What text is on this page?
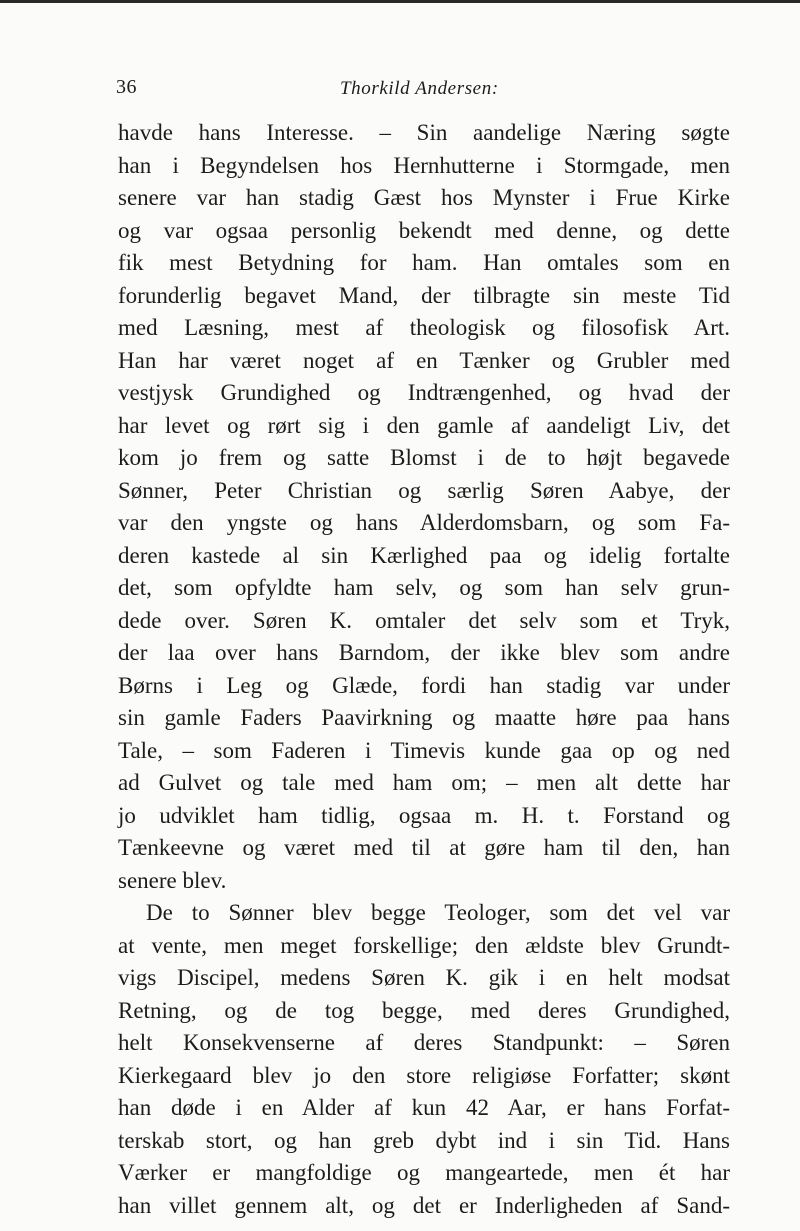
36	Thorkild Andersen:
havde hans Interesse. – Sin aandelige Næring søgte
han i Begyndelsen hos Hernhutterne i Stormgade, men
senere var han stadig Gæst hos Mynster i Frue Kirke
og var ogsaa personlig bekendt med denne, og dette
fik mest Betydning for ham. Han omtales som en
forunderlig begavet Mand, der tilbragte sin meste Tid
med Læsning, mest af theologisk og filosofisk Art.
Han har været noget af en Tænker og Grubler med
vestjysk Grundighed og Indtrængenhed, og hvad der
har levet og rørt sig i den gamle af aandeligt Liv, det
kom jo frem og satte Blomst i de to højt begavede
Sønner, Peter Christian og særlig Søren Aabye, der
var den yngste og hans Alderdomsbarn, og som Fa-
deren kastede al sin Kærlighed paa og idelig fortalte
det, som opfyldte ham selv, og som han selv grun-
dede over. Søren K. omtaler det selv som et Tryk,
der laa over hans Barndom, der ikke blev som andre
Børns i Leg og Glæde, fordi han stadig var under
sin gamle Faders Paavirkning og maatte høre paa hans
Tale, – som Faderen i Timevis kunde gaa op og ned
ad Gulvet og tale med ham om; – men alt dette har
jo udviklet ham tidlig, ogsaa m. H. t. Forstand og
Tænkeevne og været med til at gøre ham til den, han
senere blev.
De to Sønner blev begge Teologer, som det vel var
at vente, men meget forskellige; den ældste blev Grundt-
vigs Discipel, medens Søren K. gik i en helt modsat
Retning, og de tog begge, med deres Grundighed,
helt Konsekvenserne af deres Standpunkt: – Søren
Kierkegaard blev jo den store religiøse Forfatter; skønt
han døde i en Alder af kun 42 Aar, er hans Forfat-
terskab stort, og han greb dybt ind i sin Tid. Hans
Værker er mangfoldige og mangeartede, men ét har
han villet gennem alt, og det er Inderligheden af Sand-
